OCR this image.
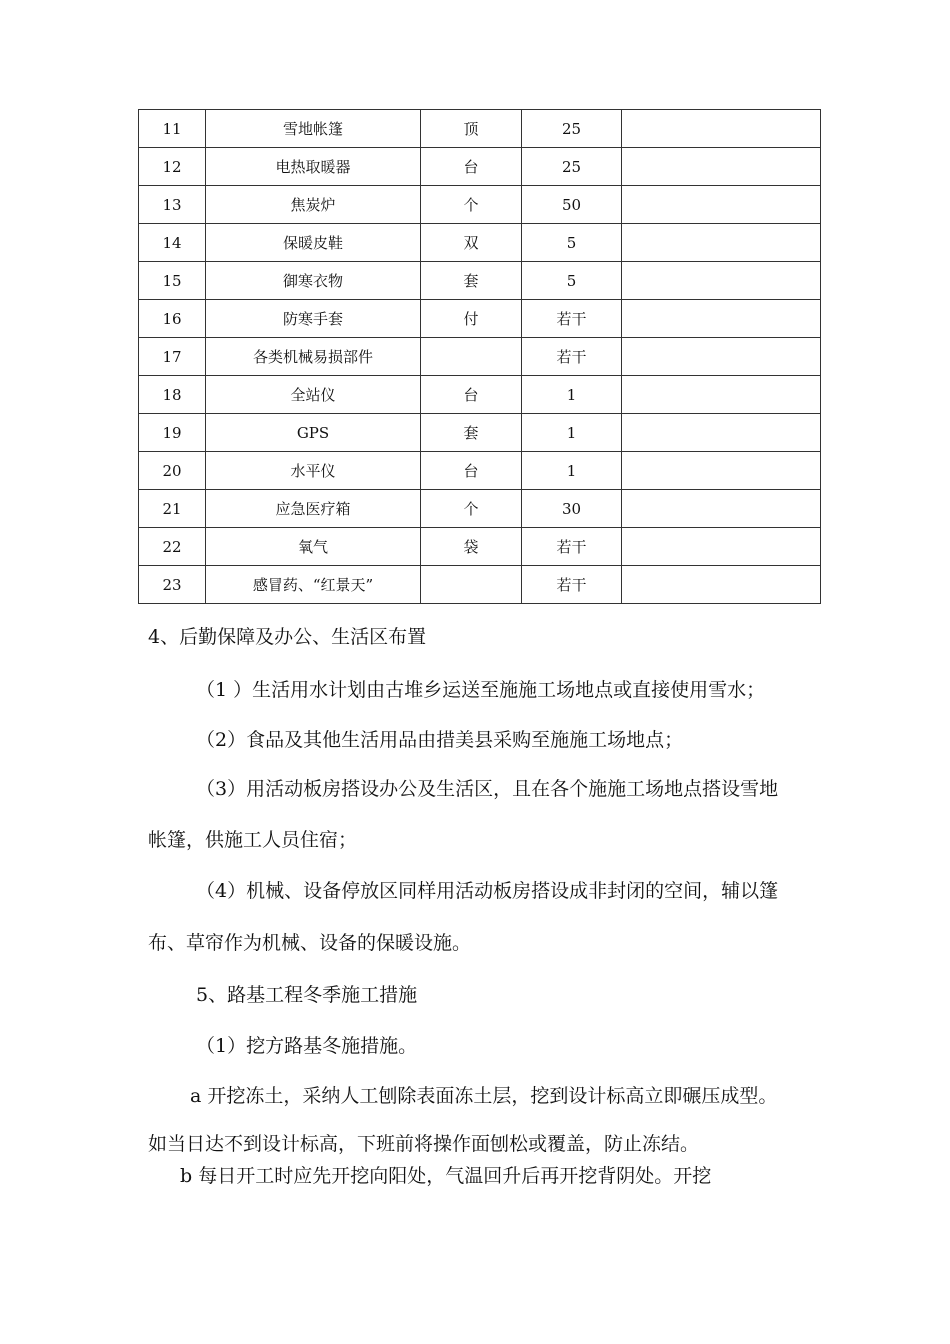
11	雪地帐篷	顶	25	
12	电热取暖器	台	25	
13	焦炭炉	个	50	
14	保暖皮鞋	双	5	
15	御寒衣物	套	5	
16	防寒手套	付	若干	
17	各类机械易损部件		若干	
18	全站仪	台	1	
19	GPS	套	1	
20	水平仪	台	1	
21	应急医疗箱	个	30	
22	氧气	袋	若干	
23	感冒药、“红景天”		若干	
4、后勤保障及办公、生活区布置
（1 ）生活用水计划由古堆乡运送至施施工场地点或直接使用雪水；
（2）食品及其他生活用品由措美县采购至施施工场地点；
（3）用活动板房搭设办公及生活区，且在各个施施工场地点搭设雪地
帐篷，供施工人员住宿；
（4）机械、设备停放区同样用活动板房搭设成非封闭的空间，辅以篷
布、草帘作为机械、设备的保暖设施。
5、路基工程冬季施工措施
（1）挖方路基冬施措施。
a 开挖冻土，采纳人工刨除表面冻土层，挖到设计标高立即碾压成型。
如当日达不到设计标高，下班前将操作面刨松或覆盖，防止冻结。
b 每日开工时应先开挖向阳处，气温回升后再开挖背阴处。开挖
